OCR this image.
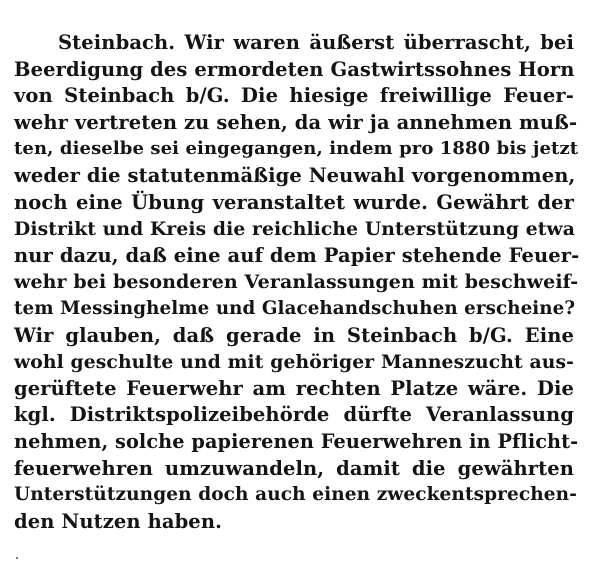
Steinbach. Wir waren äußerst überrascht, bei
Beerdigung des ermordeten Gastwirtssohnes Horn
von Steinbach b/G. Die hiesige freiwillige Feuer-
wehr vertreten zu sehen, da wir ja annehmen muß-
ten, dieselbe sei eingegangen, indem pro 1880 bis jetzt
weder die statutenmäßige Neuwahl vorgenommen,
noch eine Übung veranstaltet wurde. Gewährt der
Distrikt und Kreis die reichliche Unterstützung etwa
nur dazu, daß eine auf dem Papier stehende Feuer-
wehr bei besonderen Veranlassungen mit beschweif-
tem Messinghelme und Glacehandschuhen erscheine?
Wir glauben, daß gerade in Steinbach b/G. Eine
wohl geschulte und mit gehöriger Manneszucht aus-
gerüftete Feuerwehr am rechten Platze wäre. Die
kgl. Distriktspolizeibehörde dürfte Veranlassung
nehmen, solche papierenen Feuerwehren in Pflicht-
feuerwehren umzuwandeln, damit die gewährten
Unterstützungen doch auch einen zweckentsprechen-
den Nutzen haben.
